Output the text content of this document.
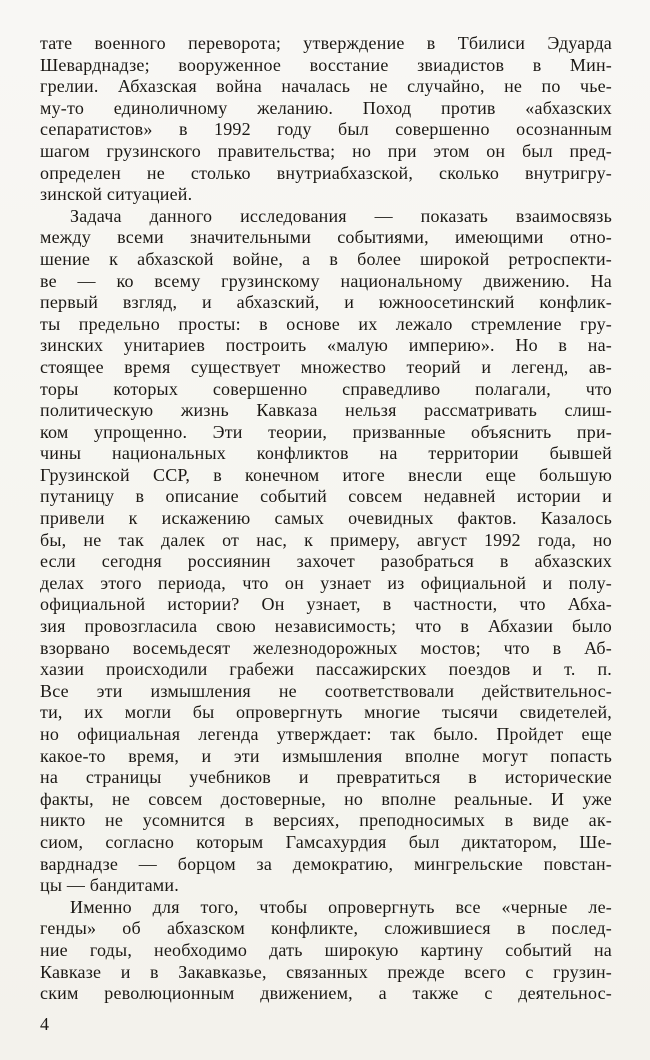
тате военного переворота; утверждение в Тбилиси Эдуарда
Шеварднадзе; вооруженное восстание звиадистов в Мин-
грелии. Абхазская война началась не случайно, не по чье-
му-то единоличному желанию. Поход против «абхазских
сепаратистов» в 1992 году был совершенно осознанным
шагом грузинского правительства; но при этом он был пред-
определен не столько внутриабхазской, сколько внутригру-
зинской ситуацией.

Задача данного исследования — показать взаимосвязь
между всеми значительными событиями, имеющими отно-
шение к абхазской войне, а в более широкой ретроспекти-
ве — ко всему грузинскому национальному движению. На
первый взгляд, и абхазский, и южноосетинский конфлик-
ты предельно просты: в основе их лежало стремление гру-
зинских унитариев построить «малую империю». Но в на-
стоящее время существует множество теорий и легенд, ав-
торы которых совершенно справедливо полагали, что
политическую жизнь Кавказа нельзя рассматривать слиш-
ком упрощенно. Эти теории, призванные объяснить при-
чины национальных конфликтов на территории бывшей
Грузинской ССР, в конечном итоге внесли еще большую
путаницу в описание событий совсем недавней истории и
привели к искажению самых очевидных фактов. Казалось
бы, не так далек от нас, к примеру, август 1992 года, но
если сегодня россиянин захочет разобраться в абхазских
делах этого периода, что он узнает из официальной и полу-
официальной истории? Он узнает, в частности, что Абха-
зия провозгласила свою независимость; что в Абхазии было
взорвано восемьдесят железнодорожных мостов; что в Аб-
хазии происходили грабежи пассажирских поездов и т. п.
Все эти измышления не соответствовали действительнос-
ти, их могли бы опровергнуть многие тысячи свидетелей,
но официальная легенда утверждает: так было. Пройдет еще
какое-то время, и эти измышления вполне могут попасть
на страницы учебников и превратиться в исторические
факты, не совсем достоверные, но вполне реальные. И уже
никто не усомнится в версиях, преподносимых в виде ак-
сиом, согласно которым Гамсахурдия был диктатором, Ше-
варднадзе — борцом за демократию, мингрельские повстан-
цы — бандитами.

Именно для того, чтобы опровергнуть все «черные ле-
генды» об абхазском конфликте, сложившиеся в послед-
ние годы, необходимо дать широкую картину событий на
Кавказе и в Закавказье, связанных прежде всего с грузин-
ским революционным движением, а также с деятельнос-

4
